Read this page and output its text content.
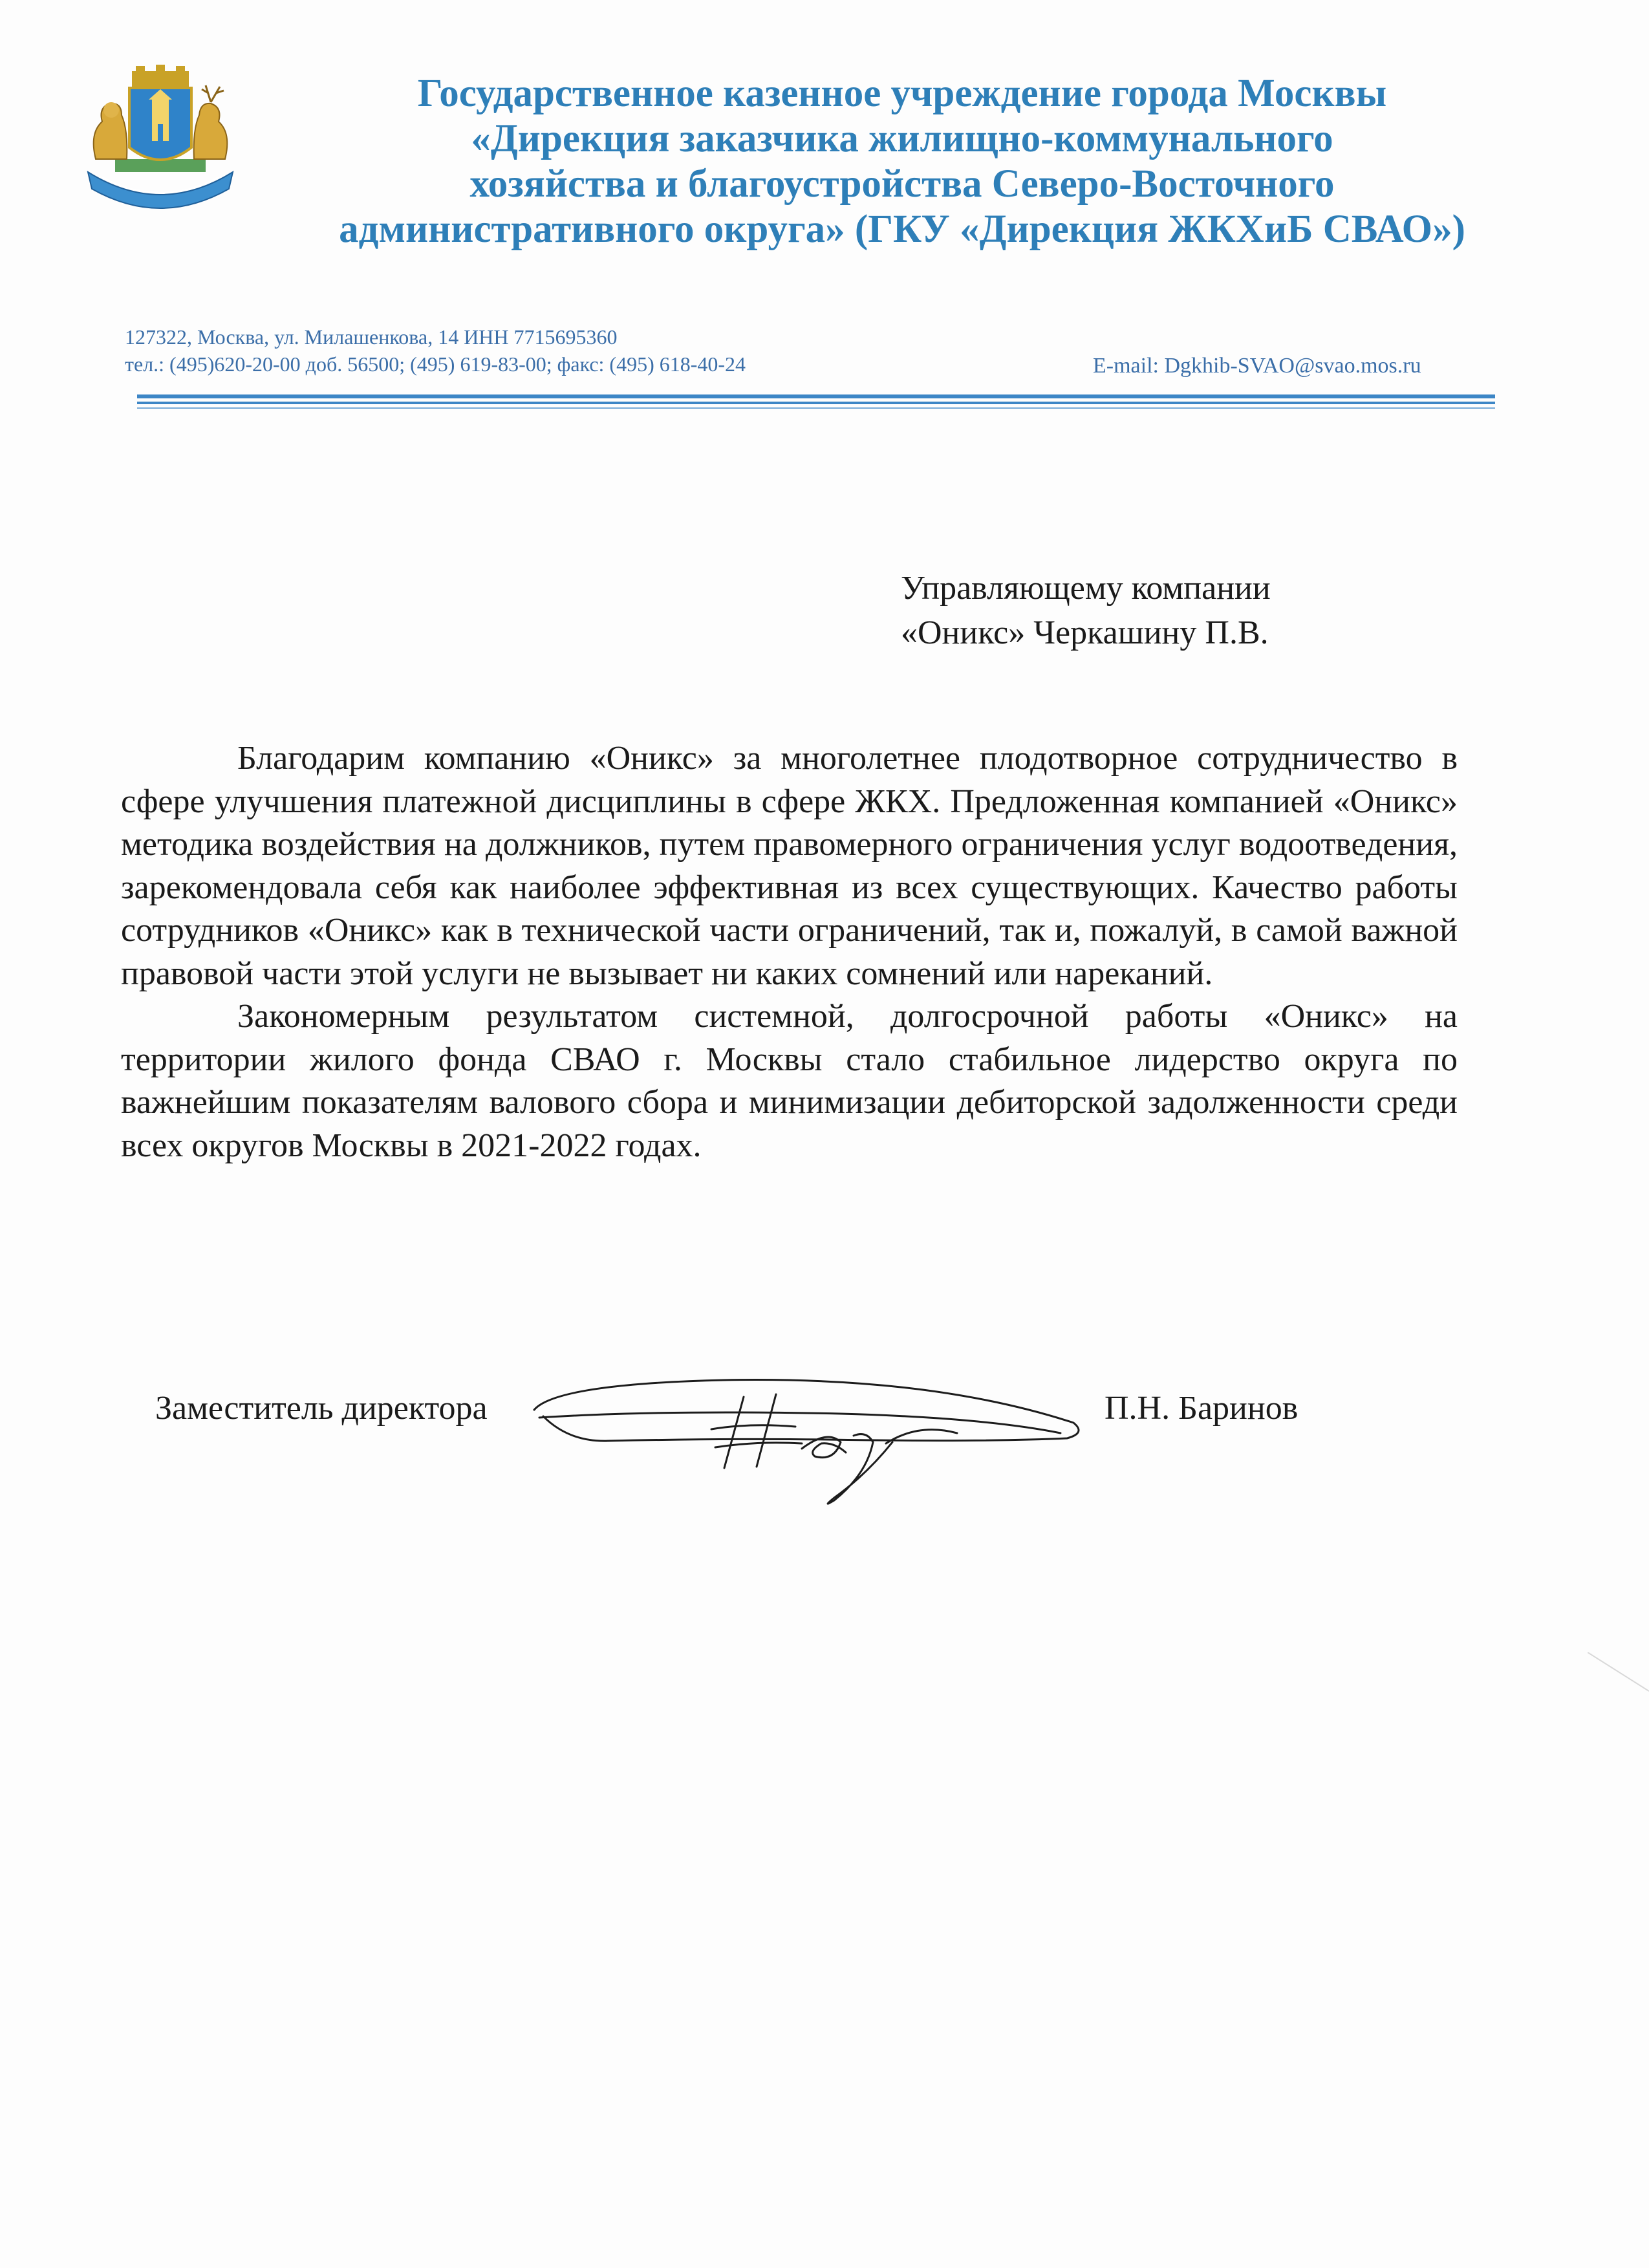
Государственное казенное учреждение города Москвы
«Дирекция заказчика жилищно-коммунального
хозяйства и благоустройства Северо-Восточного
административного округа» (ГКУ «Дирекция ЖКХиБ СВАО»)
127322, Москва, ул. Милашенкова, 14 ИНН 7715695360
тел.: (495)620-20-00 доб. 56500; (495) 619-83-00; факс: (495) 618-40-24	E-mail: Dgkhib-SVAO@svao.mos.ru
Управляющему компании
«Оникс» Черкашину П.В.

Благодарим компанию «Оникс» за многолетнее плодотворное сотрудничество в сфере улучшения платежной дисциплины в сфере ЖКХ. Предложенная компанией «Оникс» методика воздействия на должников, путем правомерного ограничения услуг водоотведения, зарекомендовала себя как наиболее эффективная из всех существующих. Качество работы сотрудников «Оникс» как в технической части ограничений, так и, пожалуй, в самой важной правовой части этой услуги не вызывает ни каких сомнений или нареканий.

Закономерным результатом системной, долгосрочной работы «Оникс» на территории жилого фонда СВАО г. Москвы стало стабильное лидерство округа по важнейшим показателям валового сбора и минимизации дебиторской задолженности среди всех округов Москвы в 2021-2022 годах.

Заместитель директора	П.Н. Баринов
